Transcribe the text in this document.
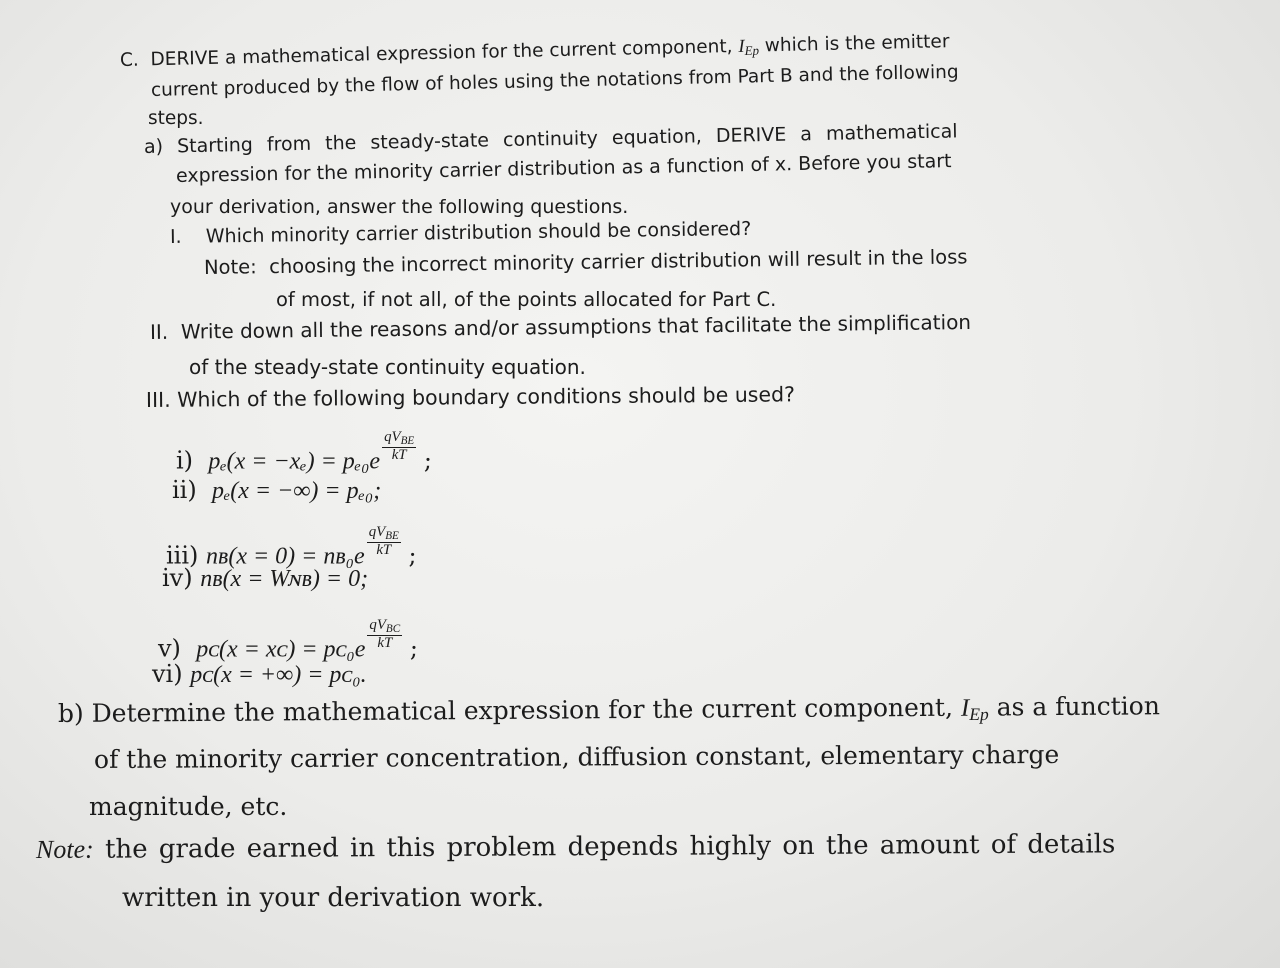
C. DERIVE a mathematical expression for the current component, $I_{Ep}$ which is the emitter
current produced by the flow of holes using the notations from Part B and the following
steps.
a) Starting from the steady-state continuity equation, DERIVE a mathematical
expression for the minority carrier distribution as a function of x. Before you start
your derivation, answer the following questions.
I. Which minority carrier distribution should be considered?
Note: choosing the incorrect minority carrier distribution will result in the loss
of most, if not all, of the points allocated for Part C.
II. Write down all the reasons and/or assumptions that facilitate the simplification
of the steady-state continuity equation.
III. Which of the following boundary conditions should be used?
i) $p_e(x = -x_e) = p_{e0}e \frac{qV_{BE}}{kT}$ ;
ii) pₑ(x = −∞) = pₑ₀;
iii) nʙ(x = 0) = nʙ₀e $\frac{qV_{BE}}{kT}$ ;
iv) nʙ(x = Wɴʙ) = 0;
v) pᴄ(x = xᴄ) = pᴄ₀e $\frac{qV_{BC}}{kT}$ ;
vi) pᴄ(x = +∞) = pᴄ₀.
b) Determine the mathematical expression for the current component, $I_{Ep}$ as a function
of the minority carrier concentration, diffusion constant, elementary charge
magnitude, etc.
Note: the grade earned in this problem depends highly on the amount of details
written in your derivation work.
